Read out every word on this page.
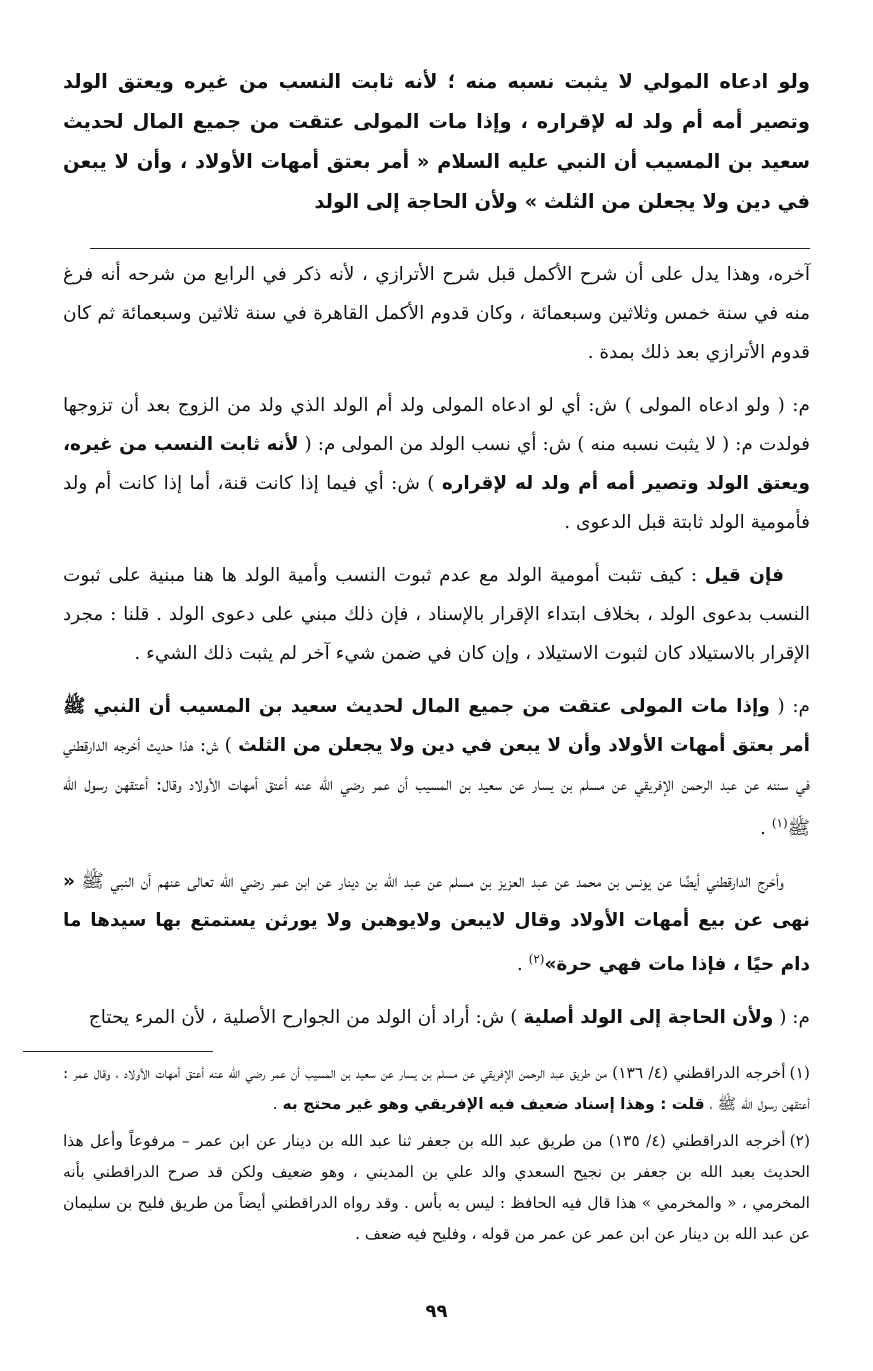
ولو ادعاه المولي لا يثبت نسبه منه ؛ لأنه ثابت النسب من غيره ويعتق الولد وتصير أمه أم ولد له لإقراره ، وإذا مات المولى عتقت من جميع المال لحديث سعيد بن المسيب أن النبي عليه السلام « أمر بعتق أمهات الأولاد ، وأن لا يبعن في دين ولا يجعلن من الثلث » ولأن الحاجة إلى الولد

آخره، وهذا يدل على أن شرح الأكمل قبل شرح الأترازي ، لأنه ذكر في الرابع من شرحه أنه فرغ منه في سنة خمس وثلاثين وسبعمائة ، وكان قدوم الأكمل القاهرة في سنة ثلاثين وسبعمائة ثم كان قدوم الأترازي بعد ذلك بمدة .

م: ( ولو ادعاه المولى ) ش: أي لو ادعاه المولى ولد أم الولد الذي ولد من الزوج بعد أن تزوجها فولدت م: ( لا يثبت نسبه منه ) ش: أي نسب الولد من المولى م: ( لأنه ثابت النسب من غيره، ويعتق الولد وتصير أمه أم ولد له لإقراره ) ش: أي فيما إذا كانت قنة، أما إذا كانت أم ولد فأمومية الولد ثابتة قبل الدعوى .

فإن قيل : كيف تثبت أمومية الولد مع عدم ثبوت النسب وأمية الولد ها هنا مبنية على ثبوت النسب بدعوى الولد ، بخلاف ابتداء الإقرار بالإسناد ، فإن ذلك مبني على دعوى الولد . قلنا : مجرد الإقرار بالاستيلاد كان لثبوت الاستيلاد ، وإن كان في ضمن شيء آخر لم يثبت ذلك الشيء .

م: ( وإذا مات المولى عتقت من جميع المال لحديث سعيد بن المسيب أن النبي ﷺ أمر بعتق أمهات الأولاد وأن لا يبعن في دين ولا يجعلن من الثلث ) ش: هذا حديث أخرجه الدارقطني في سننه عن عبد الرحمن الإفريقي عن مسلم بن يسار عن سعيد بن المسيب أن عمر رضي الله عنه أعتق أمهات الأولاد وقال: أعتقهن رسول الله ﷺ$^{(١)}$ .

وأخرج الدارقطني أيضًا عن يونس بن محمد عن عبد العزيز بن مسلم عن عبد الله بن دينار عن ابن عمر رضي الله تعالى عنهم أن النبي ﷺ « نهى عن بيع أمهات الأولاد وقال لايبعن ولايوهبن ولا يورثن يستمتع بها سيدها ما دام حيًا ، فإذا مات فهي حرة»$^{(٢)}$ .

م: ( ولأن الحاجة إلى الولد أصلية ) ش: أراد أن الولد من الجوارح الأصلية ، لأن المرء يحتاج

(١)أخرجه الدراقطني (٤/ ١٣٦) من طريق عبد الرحمن الإفريقي عن مسلم بن يسار عن سعيد بن المسيب أن عمر رضي الله عنه أعتق أمهات الأولاد ، وقال عمر : أعتقهن رسول الله ﷺ ، قلت : وهذا إسناد ضعيف فيه الإفريقي وهو غير محتج به .

(٢)أخرجه الدراقطني (٤/ ١٣٥) من طريق عبد الله بن جعفر ثنا عبد الله بن دينار عن ابن عمر – مرفوعاً وأعل هذا الحديث بعبد الله بن جعفر بن نجيح السعدي والد علي بن المديني ، وهو ضعيف ولكن قد صرح الدراقطني بأنه المخرمي ، « والمخرمي » هذا قال فيه الحافظ : ليس به بأس . وقد رواه الدراقطني أيضاً من طريق فليح بن سليمان عن عبد الله بن دينار عن ابن عمر عن عمر من قوله ، وفليح فيه ضعف .

٩٩
